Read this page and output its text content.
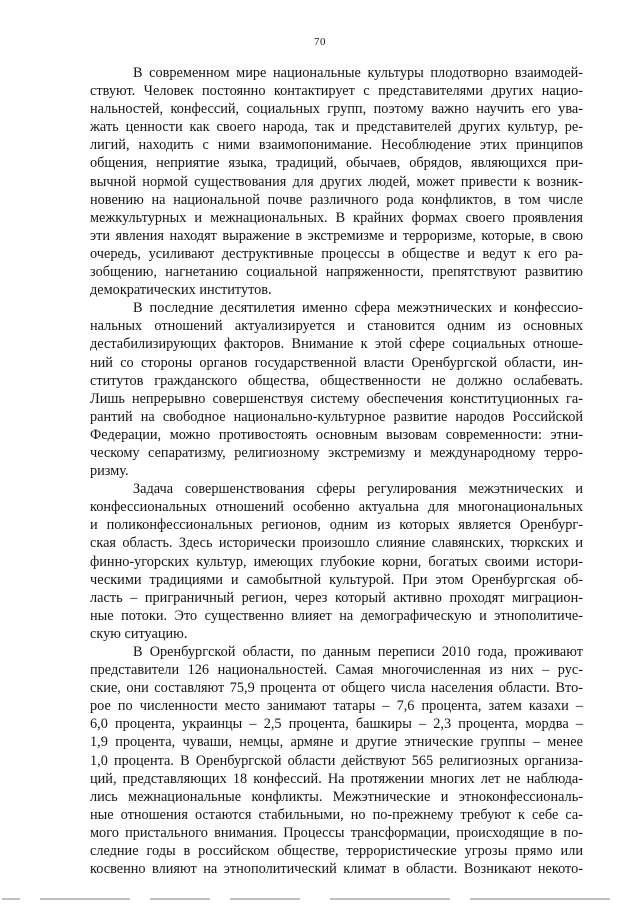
70

В современном мире национальные культуры плодотворно взаимодей-
ствуют. Человек постоянно контактирует с представителями других нацио-
нальностей, конфессий, социальных групп, поэтому важно научить его ува-
жать ценности как своего народа, так и представителей других культур, ре-
лигий, находить с ними взаимопонимание. Несоблюдение этих принципов
общения, неприятие языка, традиций, обычаев, обрядов, являющихся при-
вычной нормой существования для других людей, может привести к возник-
новению на национальной почве различного рода конфликтов, в том числе
межкультурных и межнациональных. В крайних формах своего проявления
эти явления находят выражение в экстремизме и терроризме, которые, в свою
очередь, усиливают деструктивные процессы в обществе и ведут к его ра-
зобщению, нагнетанию социальной напряженности, препятствуют развитию
демократических институтов.

В последние десятилетия именно сфера межэтнических и конфессио-
нальных отношений актуализируется и становится одним из основных
дестабилизирующих факторов. Внимание к этой сфере социальных отноше-
ний со стороны органов государственной власти Оренбургской области, ин-
ститутов гражданского общества, общественности не должно ослабевать.
Лишь непрерывно совершенствуя систему обеспечения конституционных га-
рантий на свободное национально-культурное развитие народов Российской
Федерации, можно противостоять основным вызовам современности: этни-
ческому сепаратизму, религиозному экстремизму и международному терро-
ризму.

Задача совершенствования сферы регулирования межэтнических и
конфессиональных отношений особенно актуальна для многонациональных
и поликонфессиональных регионов, одним из которых является Оренбург-
ская область. Здесь исторически произошло слияние славянских, тюркских и
финно-угорских культур, имеющих глубокие корни, богатых своими истори-
ческими традициями и самобытной культурой. При этом Оренбургская об-
ласть – приграничный регион, через который активно проходят миграцион-
ные потоки. Это существенно влияет на демографическую и этнополитиче-
скую ситуацию.

В Оренбургской области, по данным переписи 2010 года, проживают
представители 126 национальностей. Самая многочисленная из них – рус-
ские, они составляют 75,9 процента от общего числа населения области. Вто-
рое по численности место занимают татары – 7,6 процента, затем казахи –
6,0 процента, украинцы – 2,5 процента, башкиры – 2,3 процента, мордва –
1,9 процента, чуваши, немцы, армяне и другие этнические группы – менее
1,0 процента. В Оренбургской области действуют 565 религиозных организа-
ций, представляющих 18 конфессий. На протяжении многих лет не наблюда-
лись межнациональные конфликты. Межэтнические и этноконфессиональ-
ные отношения остаются стабильными, но по-прежнему требуют к себе са-
мого пристального внимания. Процессы трансформации, происходящие в по-
следние годы в российском обществе, террористические угрозы прямо или
косвенно влияют на этнополитический климат в области. Возникают некото-
